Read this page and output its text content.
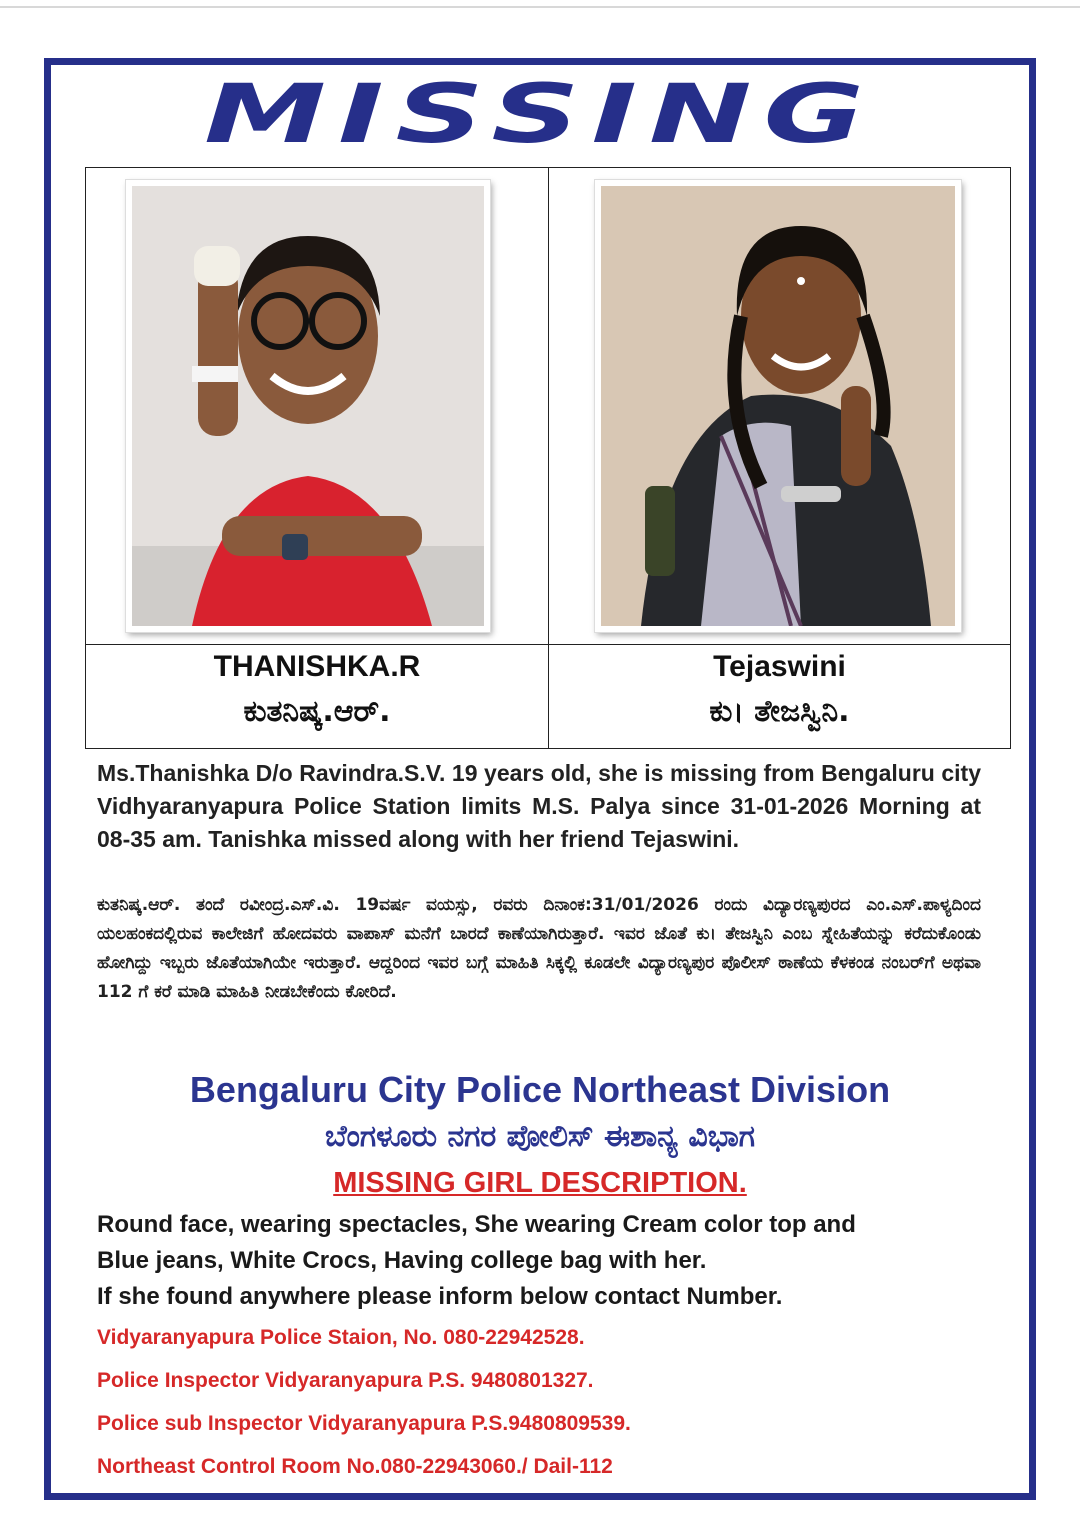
MISSING
THANISHKA.R
ಕುತನಿಷ್ಕ.ಆರ್.
Tejaswini
ಕು। ತೇಜಸ್ವಿನಿ.
Ms.Thanishka D/o Ravindra.S.V. 19 years old, she is missing from Bengaluru city Vidhyaranyapura Police Station limits M.S. Palya since 31-01-2026 Morning at 08-35 am. Tanishka missed along with her friend Tejaswini.
ಕುತನಿಷ್ಕ.ಆರ್. ತಂದೆ ರವೀಂದ್ರ.ಎಸ್.ವಿ. 19ವರ್ಷ ವಯಸ್ಸು, ರವರು ದಿನಾಂಕ:31/01/2026 ರಂದು ವಿದ್ಯಾರಣ್ಯಪುರದ ಎಂ.ಎಸ್.ಪಾಳ್ಯದಿಂದ ಯಲಹಂಕದಲ್ಲಿರುವ ಕಾಲೇಜಿಗೆ ಹೋದವರು ವಾಪಾಸ್ ಮನೆಗೆ ಬಾರದೆ ಕಾಣೆಯಾಗಿರುತ್ತಾರೆ. ಇವರ ಜೊತೆ ಕು। ತೇಜಸ್ವಿನಿ ಎಂಬ ಸ್ನೇಹಿತೆಯನ್ನು ಕರೆದುಕೊಂಡು ಹೋಗಿದ್ದು ಇಬ್ಬರು ಜೊತೆಯಾಗಿಯೇ ಇರುತ್ತಾರೆ. ಆದ್ದರಿಂದ ಇವರ ಬಗ್ಗೆ ಮಾಹಿತಿ ಸಿಕ್ಕಲ್ಲಿ ಕೂಡಲೇ ವಿದ್ಯಾರಣ್ಯಪುರ ಪೊಲೀಸ್ ಠಾಣೆಯ ಕೆಳಕಂಡ ನಂಬರ್‌ಗೆ ಅಥವಾ 112 ಗೆ ಕರೆ ಮಾಡಿ ಮಾಹಿತಿ ನೀಡಬೇಕೆಂದು ಕೋರಿದೆ.
Bengaluru City Police Northeast Division
ಬೆಂಗಳೂರು ನಗರ ಪೋಲಿಸ್ ಈಶಾನ್ಯ ವಿಭಾಗ
MISSING GIRL DESCRIPTION.
Round face, wearing spectacles, She wearing Cream color top and
Blue jeans, White Crocs, Having college bag with her.
If she found anywhere please inform below contact Number.
Vidyaranyapura Police Staion, No. 080-22942528.
Police Inspector Vidyaranyapura P.S. 9480801327.
Police sub Inspector Vidyaranyapura P.S.9480809539.
Northeast Control Room No.080-22943060./ Dail-112
